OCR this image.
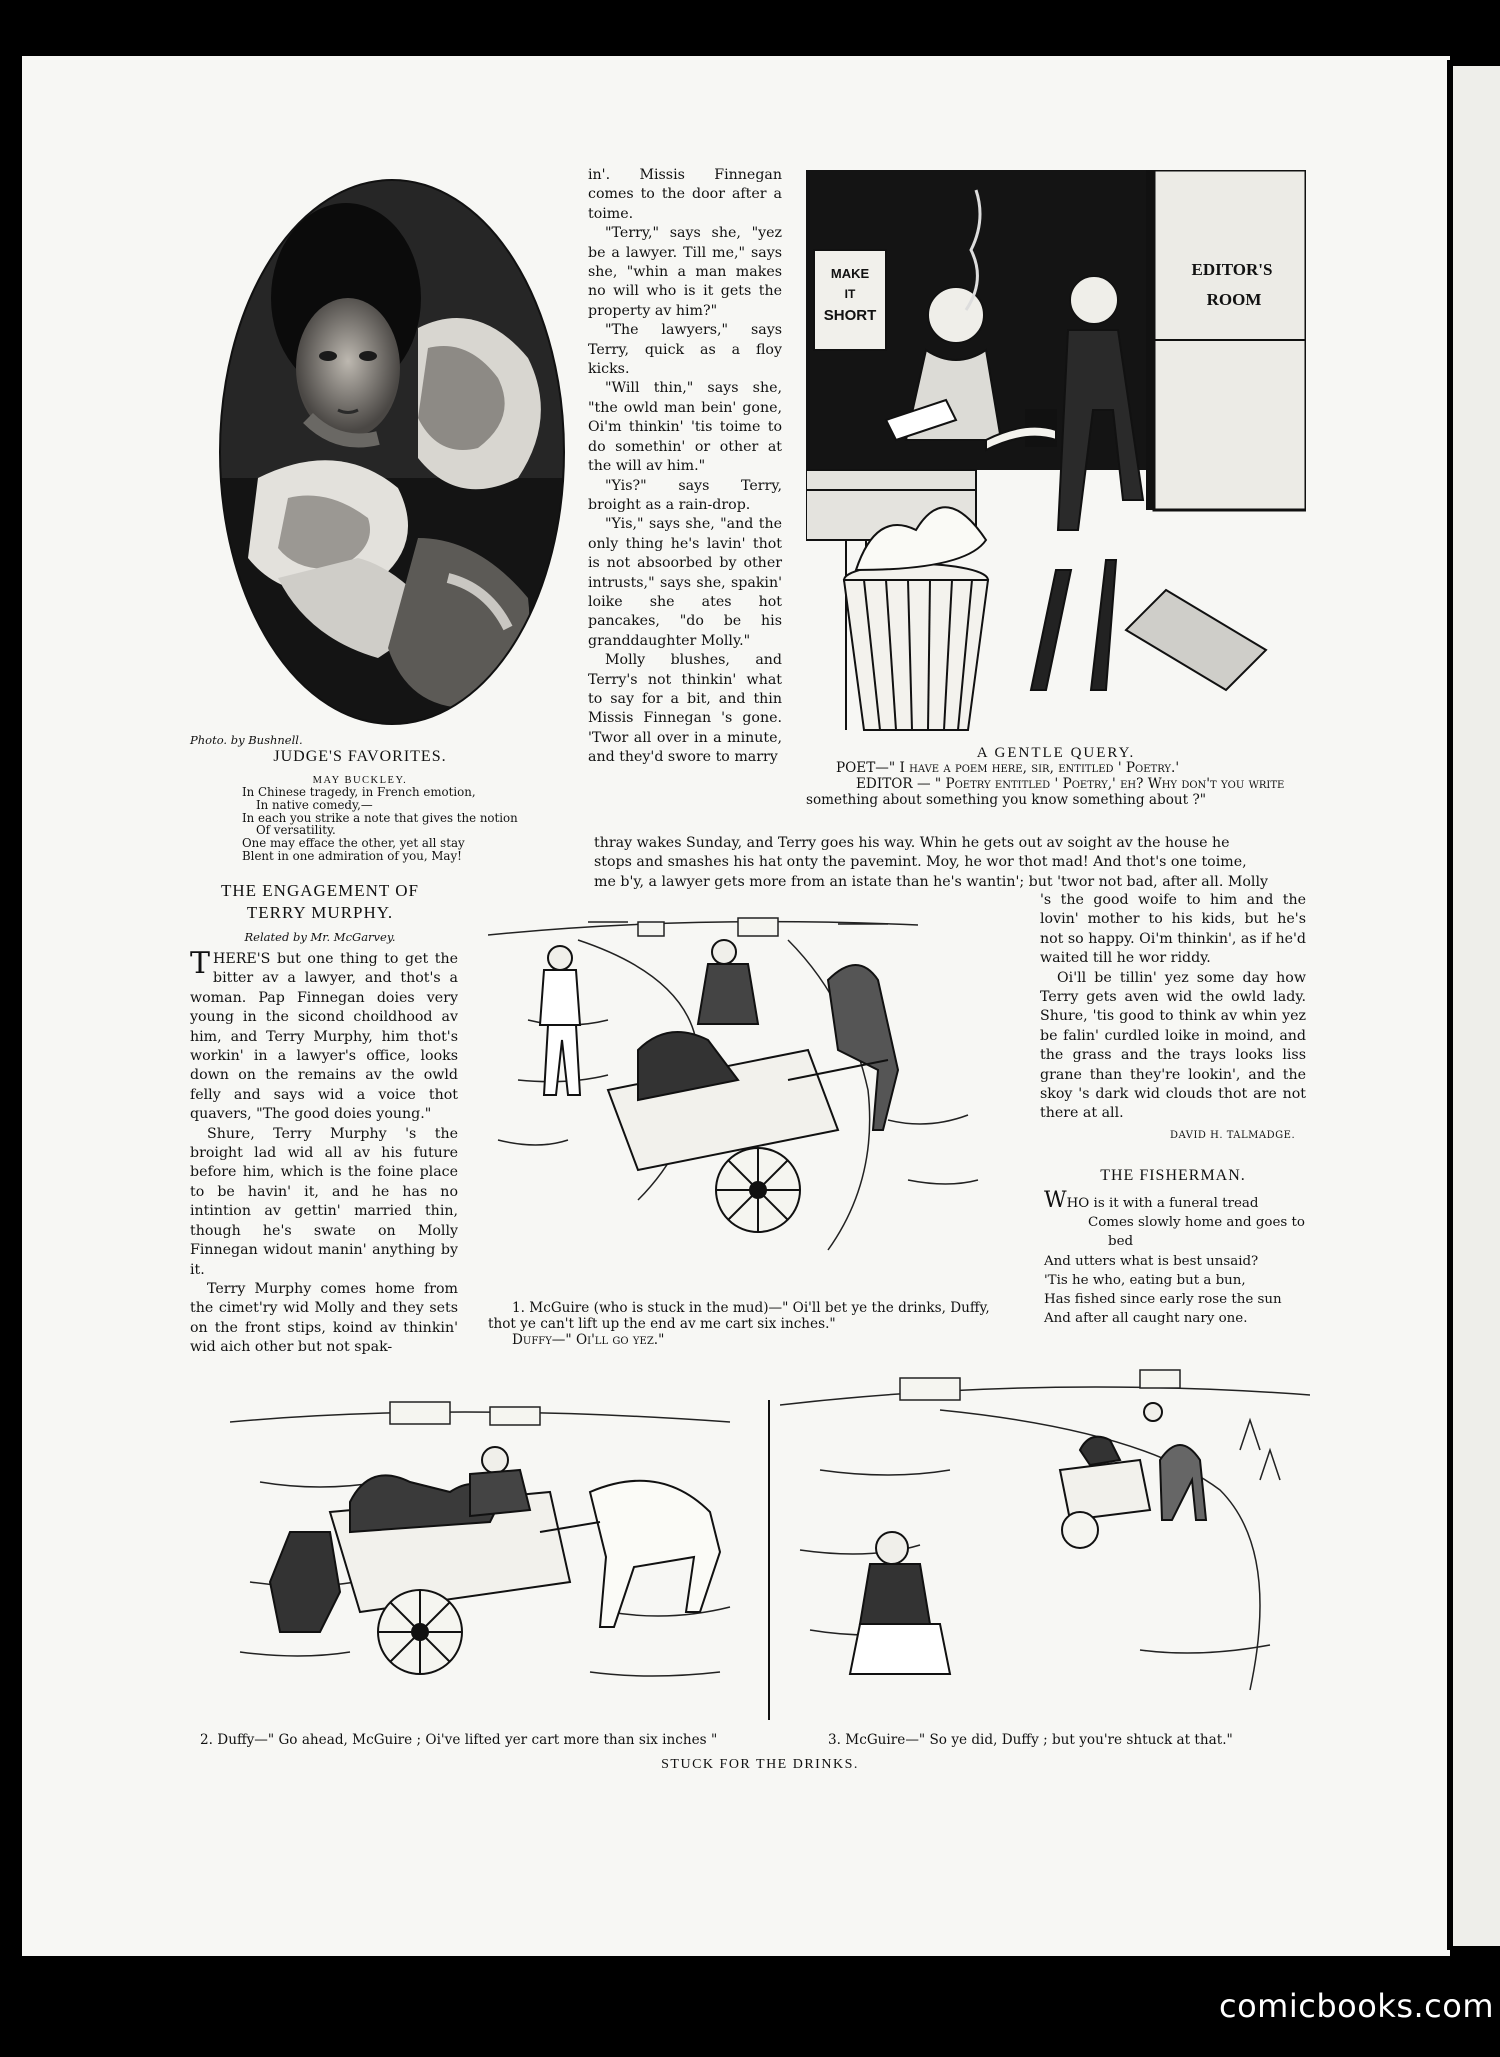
Photo. by Bushnell.
JUDGE'S FAVORITES.
MAY BUCKLEY.
In Chinese tragedy, in French emotion,
In native comedy,—
In each you strike a note that gives the notion
Of versatility.
One may efface the other, yet all stay
Blent in one admiration of you, May!
THE ENGAGEMENT OF
TERRY MURPHY.
Related by Mr. McGarvey.

THERE'S but one thing to get the bitter av a lawyer, and thot's a woman. Pap Finnegan doies very young in the sicond choildhood av him, and Terry Murphy, him thot's workin' in a lawyer's office, looks down on the remains av the owld felly and says wid a voice thot quavers, "The good doies young."

Shure, Terry Murphy 's the broight lad wid all av his future before him, which is the foine place to be havin' it, and he has no intintion av gettin' married thin, though he's swate on Molly Finnegan widout manin' anything by it.

Terry Murphy comes home from the cimet'ry wid Molly and they sets on the front stips, koind av thinkin' wid aich other but not spak-

in'. Missis Finnegan comes to the door after a toime.

"Terry," says she, "yez be a lawyer. Till me," says she, "whin a man makes no will who is it gets the property av him?"

"The lawyers," says Terry, quick as a floy kicks.

"Will thin," says she, "the owld man bein' gone, Oi'm thinkin' 'tis toime to do somethin' or other at the will av him."

"Yis?" says Terry, broight as a rain-drop.

"Yis," says she, "and the only thing he's lavin' thot is not absoorbed by other intrusts," says she, spakin' loike she ates hot pancakes, "do be his granddaughter Molly."

Molly blushes, and Terry's not thinkin' what to say for a bit, and thin Missis Finnegan 's gone. 'Twor all over in a minute, and they'd swore to marry

thray wakes Sunday, and Terry goes his way. Whin he gets out av soight av the house he
stops and smashes his hat onty the pavemint. Moy, he wor thot mad! And thot's one toime,
me b'y, a lawyer gets more from an istate than he's wantin'; but 'twor not bad, after all. Molly
MAKE
IT
SHORT
EDITOR'S
ROOM
A GENTLE QUERY.
POET—" I have a poem here, sir, entitled ' Poetry.'
EDITOR — " Poetry entitled ' Poetry,' eh? Why don't you write
something about something you know something about ?"

's the good woife to him and the lovin' mother to his kids, but he's not so happy. Oi'm thinkin', as if he'd waited till he wor riddy.

Oi'll be tillin' yez some day how Terry gets aven wid the owld lady. Shure, 'tis good to think av whin yez be falin' curdled loike in moind, and the grass and the trays looks liss grane than they're lookin', and the skoy 's dark wid clouds thot are not there at all.

DAVID H. TALMADGE.
THE FISHERMAN.
WHO is it with a funeral tread
Comes slowly home and goes to
bed
And utters what is best unsaid?
'Tis he who, eating but a bun,
Has fished since early rose the sun
And after all caught nary one.
1. McGuire (who is stuck in the mud)—" Oi'll bet ye the drinks, Duffy,
thot ye can't lift up the end av me cart six inches."
Duffy—" Oi'll go yez."
2. Duffy—" Go ahead, McGuire ; Oi've lifted yer cart more than six inches "	3. McGuire—" So ye did, Duffy ; but you're shtuck at that."
STUCK FOR THE DRINKS.
comicbooks.com
